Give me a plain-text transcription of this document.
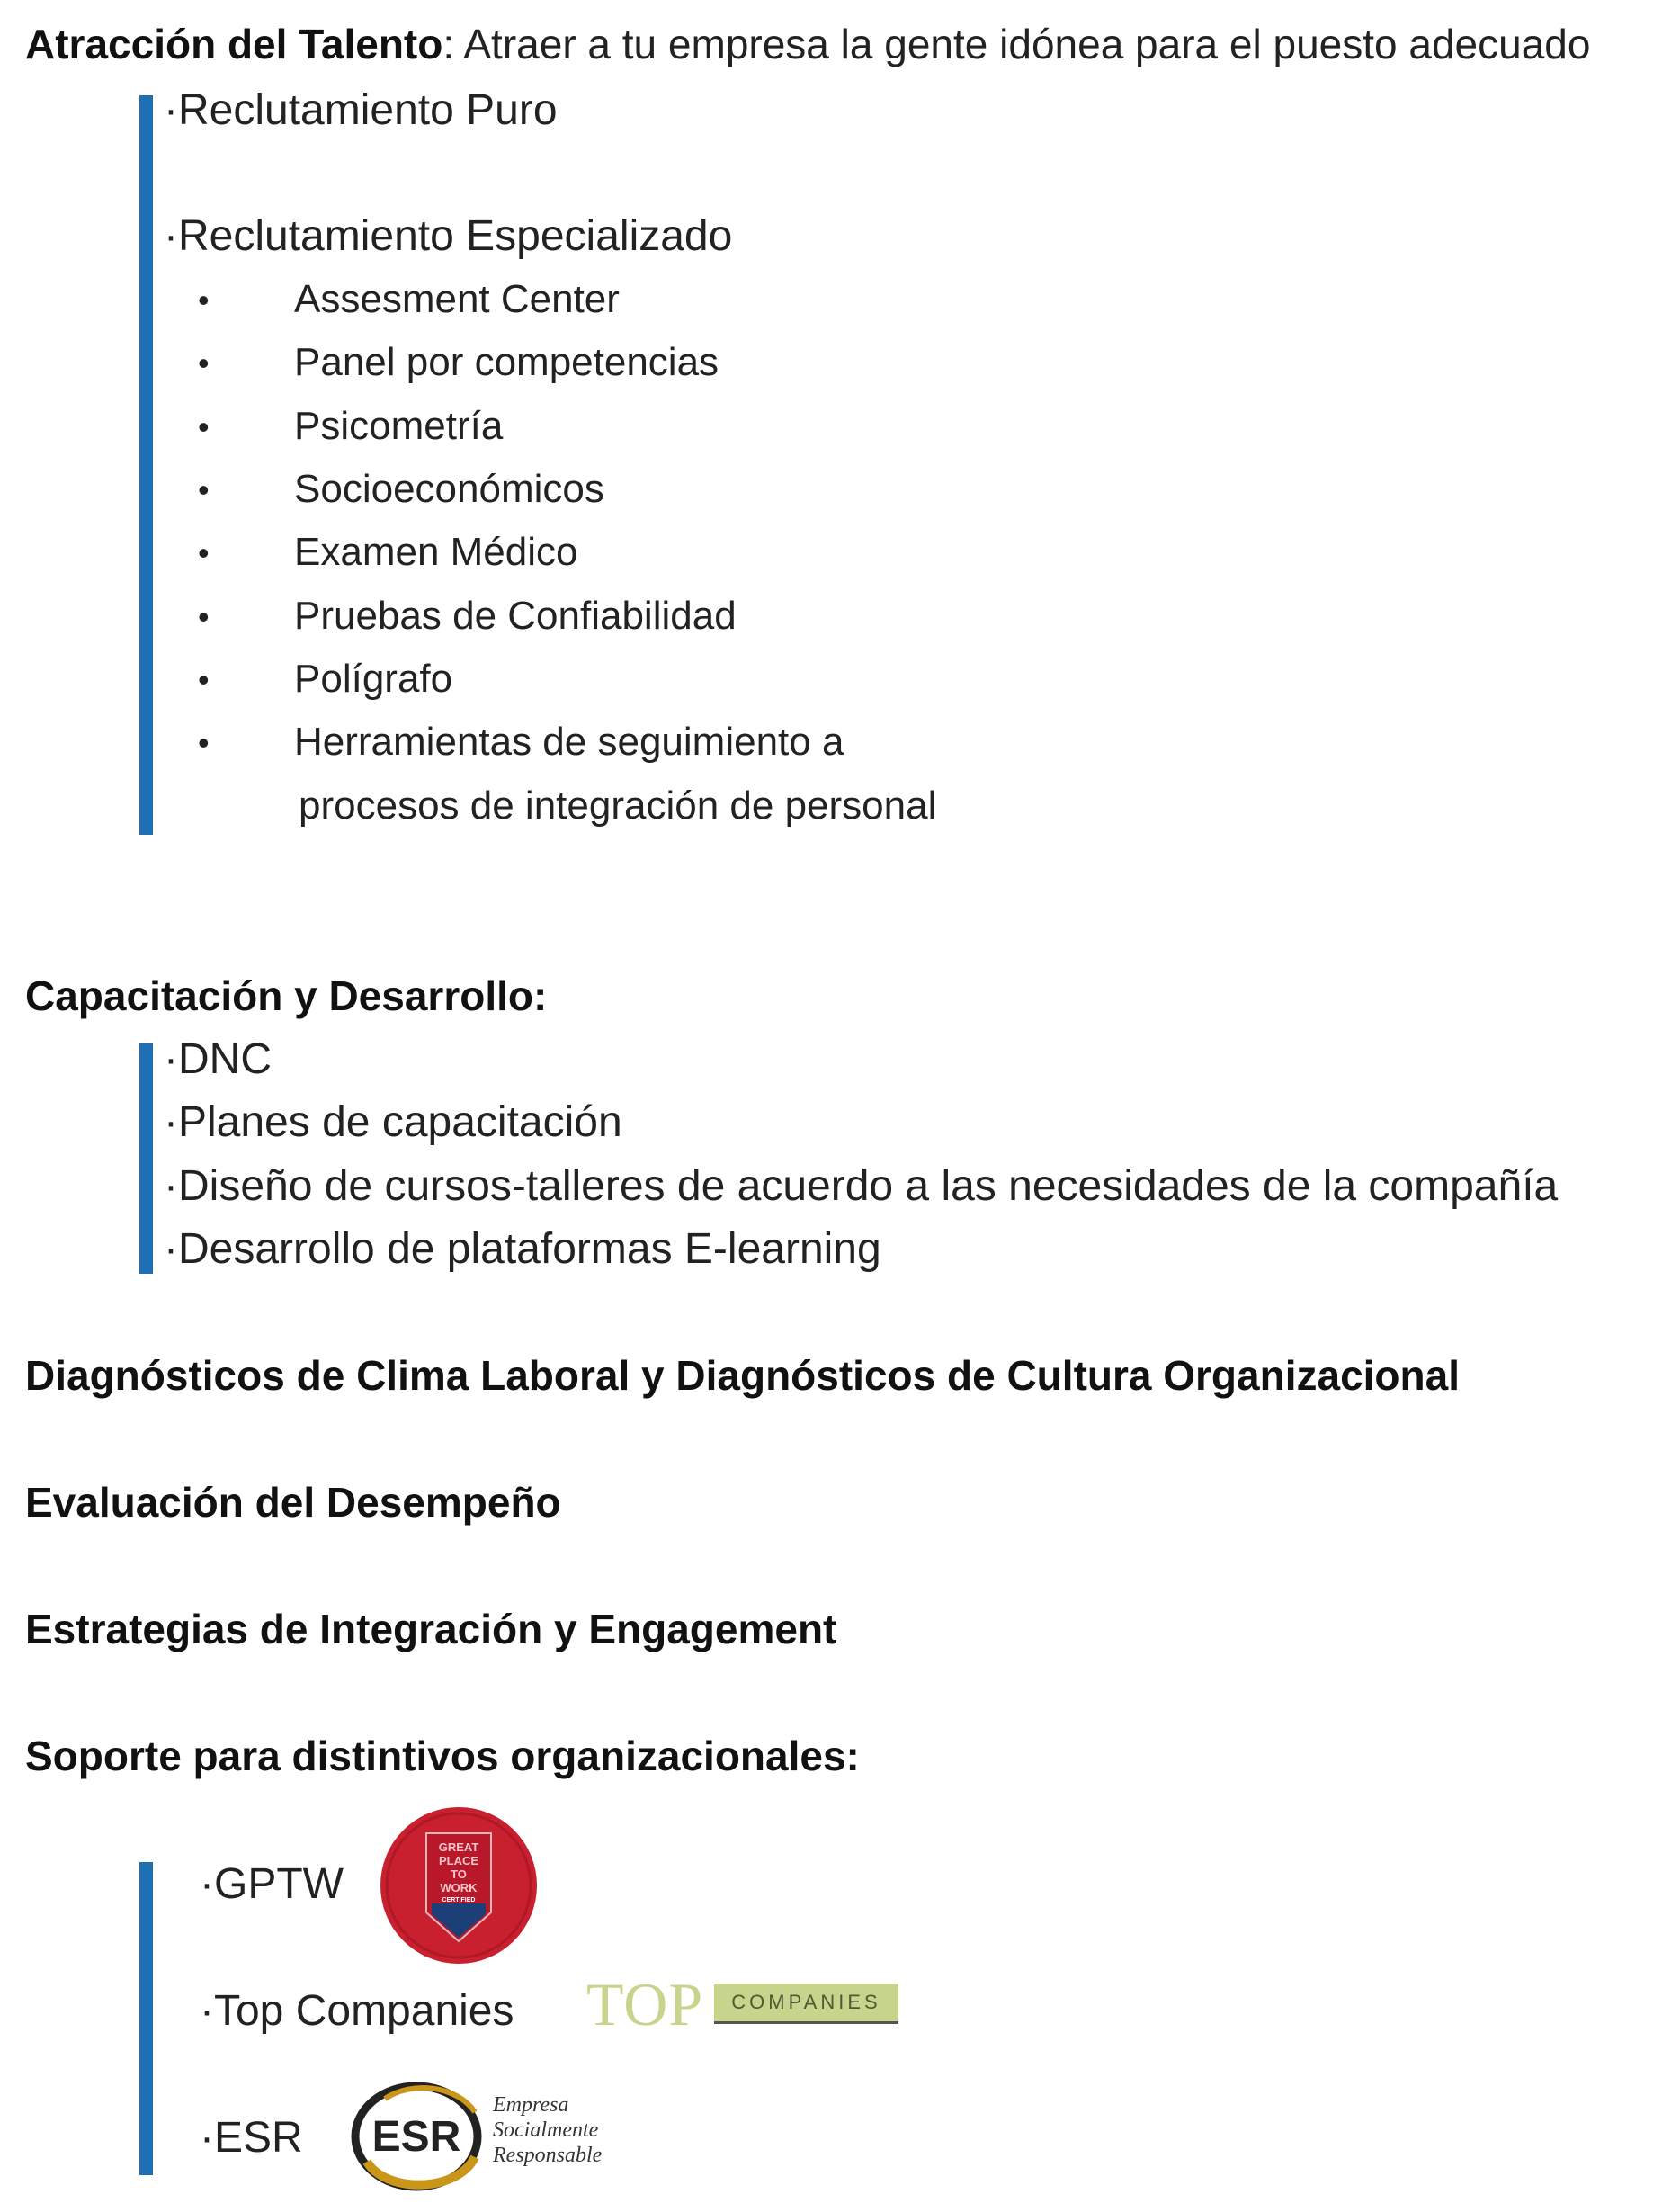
Atracción del Talento: Atraer a tu empresa la gente idónea para el puesto adecuado
·Reclutamiento Puro
·Reclutamiento Especializado
• Assesment Center
• Panel por competencias
• Psicometría
• Socioeconómicos
• Examen Médico
• Pruebas de Confiabilidad
• Polígrafo
• Herramientas de seguimiento a
procesos de integración de personal
Capacitación y Desarrollo:
·DNC
·Planes de capacitación
·Diseño de cursos-talleres de acuerdo a las necesidades de la compañía
·Desarrollo de plataformas E-learning
Diagnósticos de Clima Laboral y Diagnósticos de Cultura Organizacional
Evaluación del Desempeño
Estrategias de Integración y Engagement
Soporte para distintivos organizacionales:
·GPTW
·Top Companies
·ESR
GREAT
PLACE
TO
WORK
CERTIFIED
TOP COMPANIES
ESR
Empresa
Socialmente
Responsable
